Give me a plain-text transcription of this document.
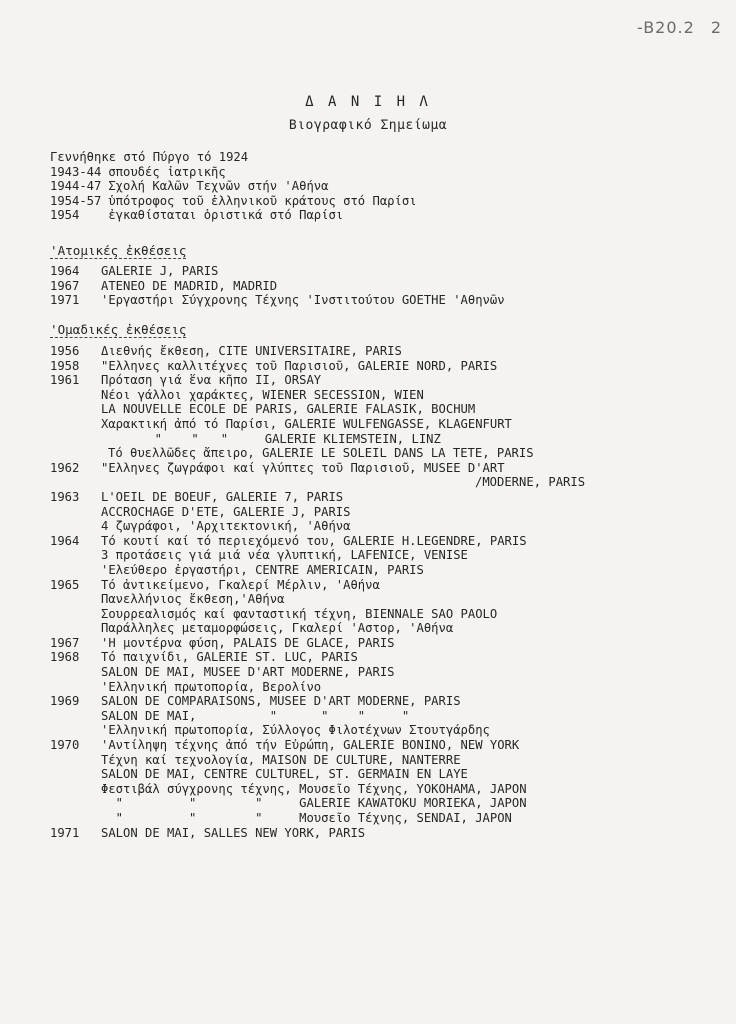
-B20.2 2
Δ Α Ν Ι Η Λ
Βιογραφικό Σημείωμα
Γεννήθηκε στό Πύργο τό 1924
1943-44 σπουδές ἰατρικῆς
1944-47 Σχολή Καλῶν Τεχνῶν στήν 'Αθήνα
1954-57 ὑπότροφος τοῦ ἑλληνικοῦ κράτους στό Παρίσι
1954 ἐγκαθίσταται ὁριστικά στό Παρίσι
'Ατομικές ἐκθέσεις
1964 GALERIE J, PARIS
1967 ATENEO DE MADRID, MADRID
1971 'Εργαστήρι Σύγχρονης Τέχνης 'Ινστιτούτου GOETHE 'Αθηνῶν
'Ομαδικές ἐκθέσεις
1956 Διεθνής ἔκθεση, CITE UNIVERSITAIRE, PARIS
1958 "Ελληνες καλλιτέχνες τοῦ Παρισιοῦ, GALERIE NORD, PARIS
1961 Πρόταση γιά ἕνα κῆπο II, ORSAY
Νέοι γάλλοι χαράκτες, WIENER SECESSION, WIEN
LA NOUVELLE ECOLE DE PARIS, GALERIE FALASIK, BOCHUM
Χαρακτική ἀπό τό Παρίσι, GALERIE WULFENGASSE, KLAGENFURT
"    "   "     GALERIE KLIEMSTEIN, LINZ
Τό θυελλῶδες ἄπειρο, GALERIE LE SOLEIL DANS LA TETE, PARIS
1962 "Ελληνες ζωγράφοι καί γλύπτες τοῦ Παρισιοῦ, MUSEE D'ART
/MODERNE, PARIS
1963 L'OEIL DE BOEUF, GALERIE 7, PARIS
ACCROCHAGE D'ETE, GALERIE J, PARIS
4 ζωγράφοι, 'Αρχιτεκτονική, 'Αθήνα
1964 Τό κουτί καί τό περιεχόμενό του, GALERIE H.LEGENDRE, PARIS
3 προτάσεις γιά μιά νέα γλυπτική, LAFENICE, VENISE
'Ελεύθερο ἐργαστήρι, CENTRE AMERICAIN, PARIS
1965 Τό ἀντικείμενο, Γκαλερί Μέρλιν, 'Αθήνα
Πανελλήνιος ἔκθεση,'Αθήνα
Σουρρεαλισμός καί φανταστική τέχνη, BIENNALE SAO PAOLO
Παράλληλες μεταμορφώσεις, Γκαλερί 'Αστορ, 'Αθήνα
1967 'Η μοντέρνα φύση, PALAIS DE GLACE, PARIS
1968 Τό παιχνίδι, GALERIE ST. LUC, PARIS
SALON DE MAI, MUSEE D'ART MODERNE, PARIS
'Ελληνική πρωτοπορία, Βερολίνο
1969 SALON DE COMPARAISONS, MUSEE D'ART MODERNE, PARIS
SALON DE MAI,          "      "    "     "
'Ελληνική πρωτοπορία, Σύλλογος Φιλοτέχνων Στουτγάρδης
1970 'Αντίληψη τέχνης ἀπό τήν Εὐρώπη, GALERIE BONINO, NEW YORK
Τέχνη καί τεχνολογία, MAISON DE CULTURE, NANTERRE
SALON DE MAI, CENTRE CULTUREL, ST. GERMAIN EN LAYE
Φεστιβάλ σύγχρονης τέχνης, Μουσεῖο Τέχνης, YOKOHAMA, JAPON
"         "        "     GALERIE KAWATOKU MORIEKA, JAPON
"         "        "     Μουσεῖο Τέχνης, SENDAI, JAPON
1971 SALON DE MAI, SALLES NEW YORK, PARIS
